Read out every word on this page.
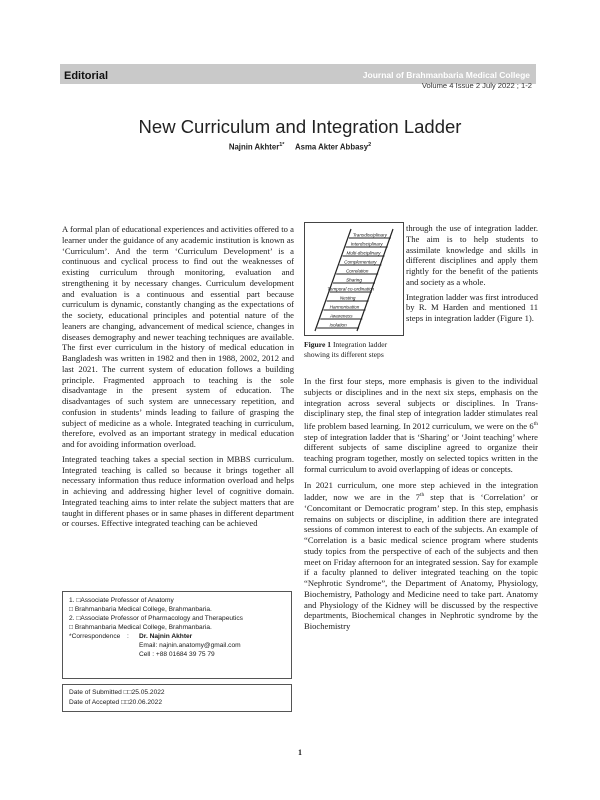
Editorial	Journal of Brahmanbaria Medical College
Volume 4 Issue 2 July 2022 ; 1-2
New Curriculum and Integration Ladder
Najnin Akhter$^{1*}$ Asma Akter Abbasy$^2$

A formal plan of educational experiences and activities offered to a learner under the guidance of any academic institution is known as ‘Curriculum’. And the term ‘Curriculum Development’ is a continuous and cyclical process to find out the weaknesses of existing curriculum through monitoring, evaluation and strengthening it by necessary changes. Curriculum development and evaluation is a continuous and essential part because curriculum is dynamic, constantly changing as the expectations of the society, educational principles and potential nature of the leaners are changing, advancement of medical science, changes in diseases demography and newer teaching techniques are available. The first ever curriculum in the history of medical education in Bangladesh was written in 1982 and then in 1988, 2002, 2012 and last 2021. The current system of education follows a building principle. Fragmented approach to teaching is the sole disadvantage in the present system of education. The disadvantages of such system are unnecessary repetition, and confusion in students’ minds leading to failure of grasping the subject of medicine as a whole. Integrated teaching in curriculum, therefore, evolved as an important strategy in medical education and for avoiding information overload.

Integrated teaching takes a special section in MBBS curriculum. Integrated teaching is called so because it brings together all necessary information thus reduce information overload and helps in achieving and addressing higher level of cognitive domain. Integrated teaching aims to inter relate the subject matters that are taught in different phases or in same phases in different department or courses. Effective integrated teaching can be achieved

Transdisciplinary
Interdisciplinary
Multi-disciplinary
Complementary
Correlation
Sharing
Temporal co-ordination
Nesting
Harmonisation
Awareness
Isolation
Figure 1 Integration ladder showing its different steps

through the use of integration ladder. The aim is to help students to assimilate knowledge and skills in different disciplines and apply them rightly for the benefit of the patients and society as a whole.

Integration ladder was first introduced by R. M Harden and mentioned 11 steps in integration ladder (Figure 1).

In the first four steps, more emphasis is given to the individual subjects or disciplines and in the next six steps, emphasis on the integration across several subjects or disciplines. In Trans-disciplinary step, the final step of integration ladder stimulates real life problem based learning. In 2012 curriculum, we were on the 6th step of integration ladder that is ‘Sharing’ or ‘Joint teaching’ where different subjects of same discipline agreed to organize their teaching program together, mostly on selected topics written in the formal curriculum to avoid overlapping of ideas or concepts.

In 2021 curriculum, one more step achieved in the integration ladder, now we are in the 7th step that is ‘Correlation’ or ‘Concomitant or Democratic program’ step. In this step, emphasis remains on subjects or discipline, in addition there are integrated sessions of common interest to each of the subjects. An example of “Correlation is a basic medical science program where students study topics from the perspective of each of the subjects and then meet on Friday afternoon for an integrated session. Say for example if a faculty planned to deliver integrated teaching on the topic “Nephrotic Syndrome”, the Department of Anatomy, Physiology, Biochemistry, Pathology and Medicine need to take part. Anatomy and Physiology of the Kidney will be discussed by the respective departments, Biochemical changes in Nephrotic syndrome by the Biochemistry

1. □Associate Professor of Anatomy
□ Brahmanbaria Medical College, Brahmanbaria.
2. □Associate Professor of Pharmacology and Therapeutics
□ Brahmanbaria Medical College, Brahmanbaria.
*Correspondence	:	Dr. Najnin Akhter
Email: najnin.anatomy@gmail.com
Cell : +88 01684 39 75 79
Date of Submitted □□25.05.2022
Date of Accepted □□20.06.2022
1
